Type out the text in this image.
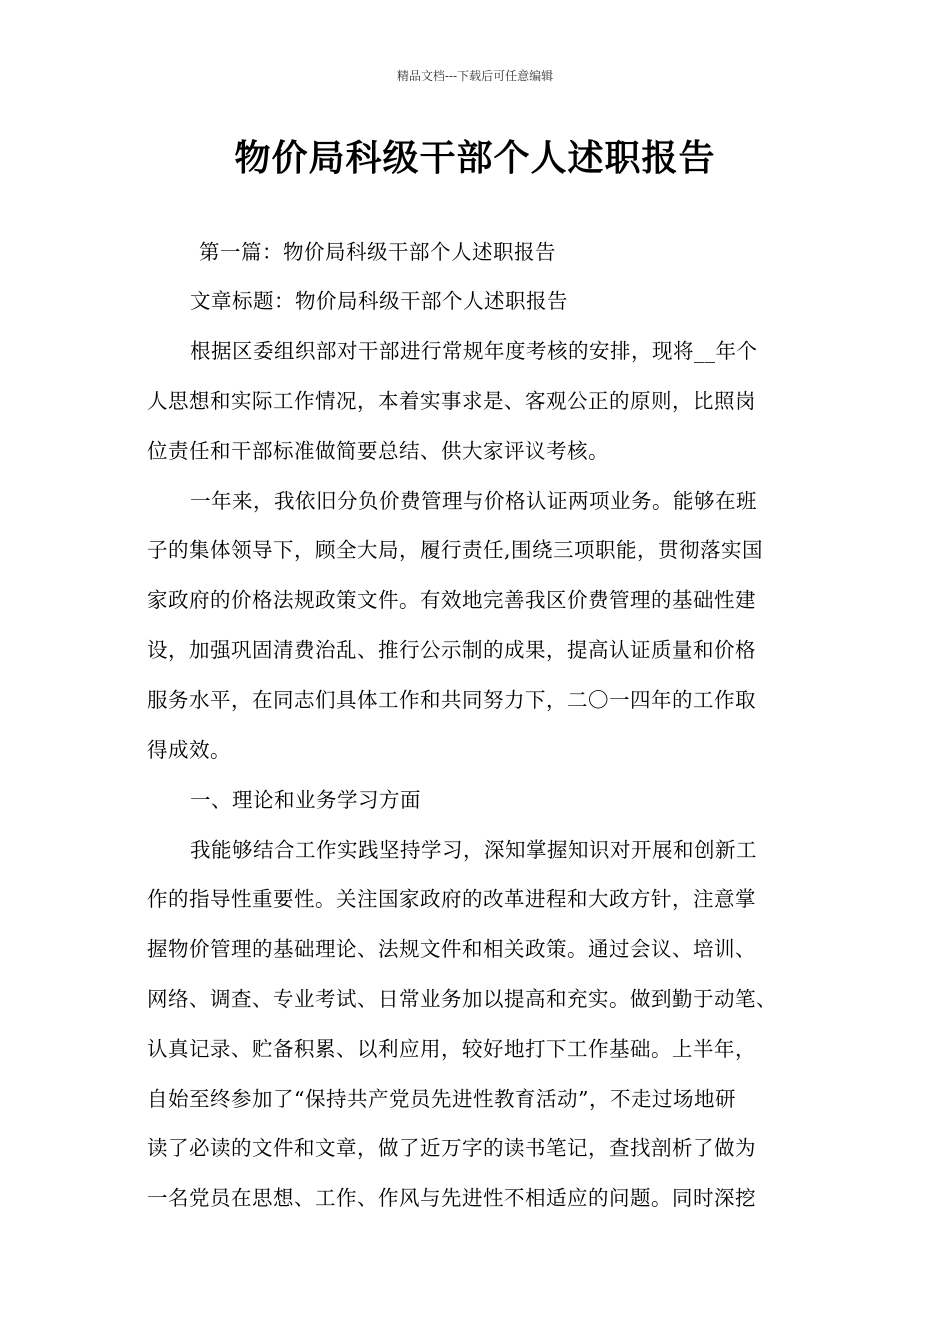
精品文档---下载后可任意编辑
物价局科级干部个人述职报告
第一篇：物价局科级干部个人述职报告
文章标题：物价局科级干部个人述职报告
根据区委组织部对干部进行常规年度考核的安排，现将__年个
人思想和实际工作情况，本着实事求是、客观公正的原则，比照岗
位责任和干部标准做简要总结、供大家评议考核。
一年来，我依旧分负价费管理与价格认证两项业务。能够在班
子的集体领导下，顾全大局，履行责任,围绕三项职能，贯彻落实国
家政府的价格法规政策文件。有效地完善我区价费管理的基础性建
设，加强巩固清费治乱、推行公示制的成果，提高认证质量和价格
服务水平，在同志们具体工作和共同努力下，二〇一四年的工作取
得成效。
一、理论和业务学习方面
我能够结合工作实践坚持学习，深知掌握知识对开展和创新工
作的指导性重要性。关注国家政府的改革进程和大政方针，注意掌
握物价管理的基础理论、法规文件和相关政策。通过会议、培训、
网络、调查、专业考试、日常业务加以提高和充实。做到勤于动笔、
认真记录、贮备积累、以利应用，较好地打下工作基础。上半年，
自始至终参加了“保持共产党员先进性教育活动”，不走过场地研
读了必读的文件和文章，做了近万字的读书笔记，查找剖析了做为
一名党员在思想、工作、作风与先进性不相适应的问题。同时深挖
